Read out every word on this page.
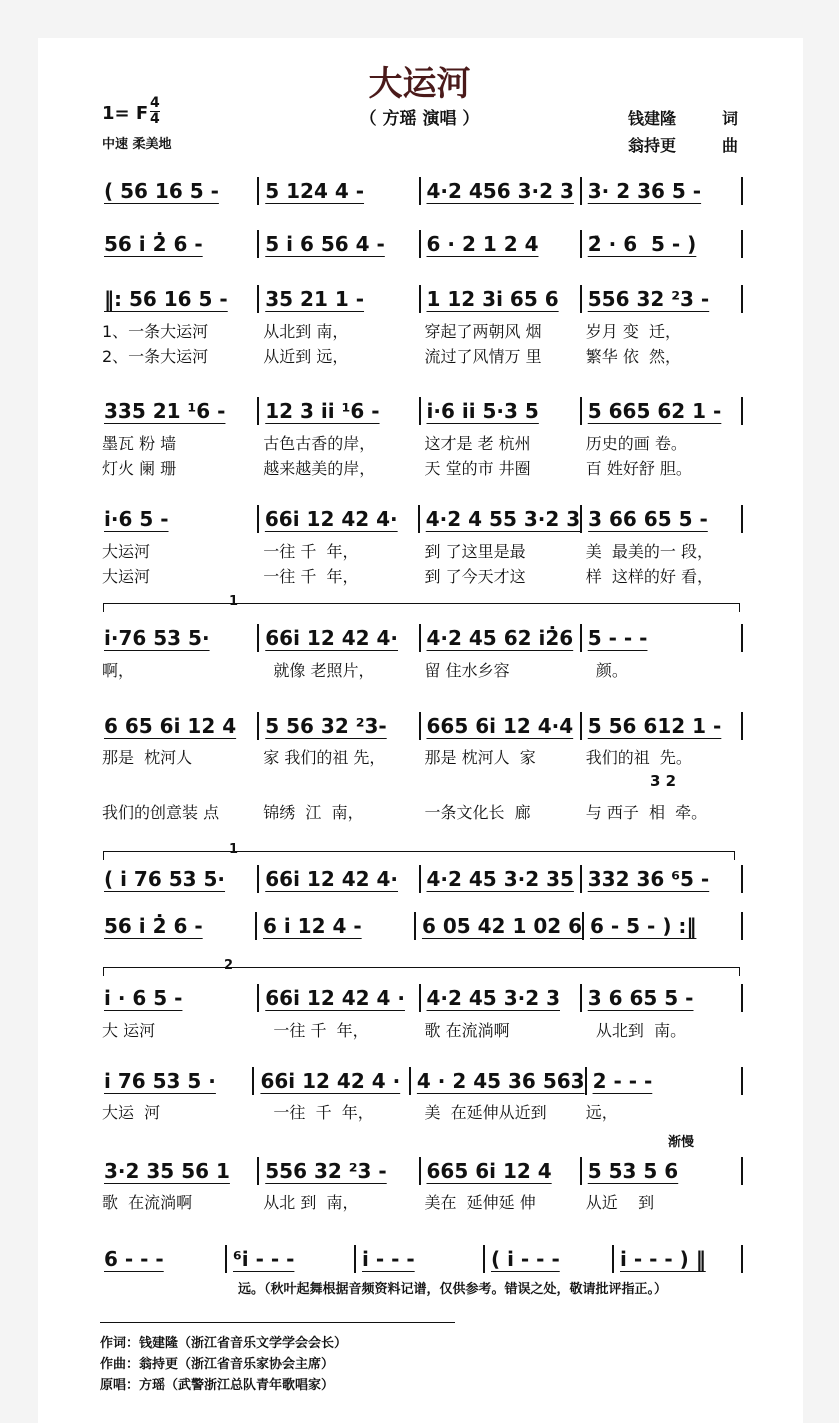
大运河
（ 方瑶 演唱 ）
1= F 4
4
中速 柔美地
钱建隆	词
翁持更	曲
( 56 16 5 -	5 124 4 -	4·2 456 3·2 3 3· 2 36 5 -
56 i̇ 2̇ 6 -	5 i̇ 6 56 4 -	6 · 2 1 2 4	2̇ · 6  5 - )
‖: 56 16 5 -	35 21 1 -	1 12 3i̇ 65 6	556 32 ²3 -
335 21 ¹6 -	12 3 i̇i̇ ¹6 -	i̇·6 i̇i̇ 5·3 5	5 665 62 1 -
i̇·6 5 -	66i̇ 12 42 4·	4·2 4 55 3·2 3 3 66 65 5 -
i̇·76 53 5·	66i̇ 12 42 4·	4·2 45 62 i̇2̇6 5 - - -
6 65 6i̇ 12 4	5 56 32 ²3-	665 6i̇ 12 4·4 5 56 612 1 -
( i̇ 76 53 5·	66i̇ 12 42 4·	4·2 45 3·2 35 332 36 ⁶5 -
56 i̇ 2̇ 6 -	6 i̇ 12 4 -	6 05 42 1 02 6 6 - 5 - ) :‖
i̇ · 6 5 -	66i̇ 12 42 4 ·	4·2 45 3·2 3	3 6 65 5 -
i̇ 76 53 5 ·	66i̇ 12 42 4 · 4 · 2 45 36 563 2 - - -
3·2 35 56 1	556 32 ²3 -	665 6i̇ 12 4	5 53 5 6
6 - - -	⁶i̇ - - -	i̇ - - -	( i̇ - - -	i̇ - - - ) ‖
1、一条大运河	从北到 南，	穿起了两朝风 烟	岁月 变  迁，
2、一条大运河	从近到 远，	流过了风情万 里	繁华 依  然，
墨瓦 粉 墙	古色古香的岸，	这才是 老 杭州	历史的画 卷。
灯火 阑 珊	越来越美的岸，	天 堂的市 井圈	百 姓好舒 胆。
大运河	一往 千  年，	到 了这里是最	美  最美的一 段，
大运河	一往 千  年，	到 了今天才这	样  这样的好 看，
啊，	就像 老照片，	留 住水乡容	颜。
那是  枕河人	家 我们的祖 先，	那是 枕河人  家	我们的祖  先。
我们的创意装 点	锦绣  江  南，	一条文化长  廊	与 西子  相  牵。
大 运河	一往 千  年，	歌 在流淌啊	从北到  南。
大运  河	一往  千  年，	美  在延伸从近到	远，
歌  在流淌啊	从北 到  南，	美在  延伸延 伸	从近    到
远。（秋叶起舞根据音频资料记谱，仅供参考。错误之处，敬请批评指正。）
1
1
2
3 2
渐慢
作词：钱建隆（浙江省音乐文学学会会长）
作曲：翁持更（浙江省音乐家协会主席）
原唱：方瑶（武警浙江总队青年歌唱家）
